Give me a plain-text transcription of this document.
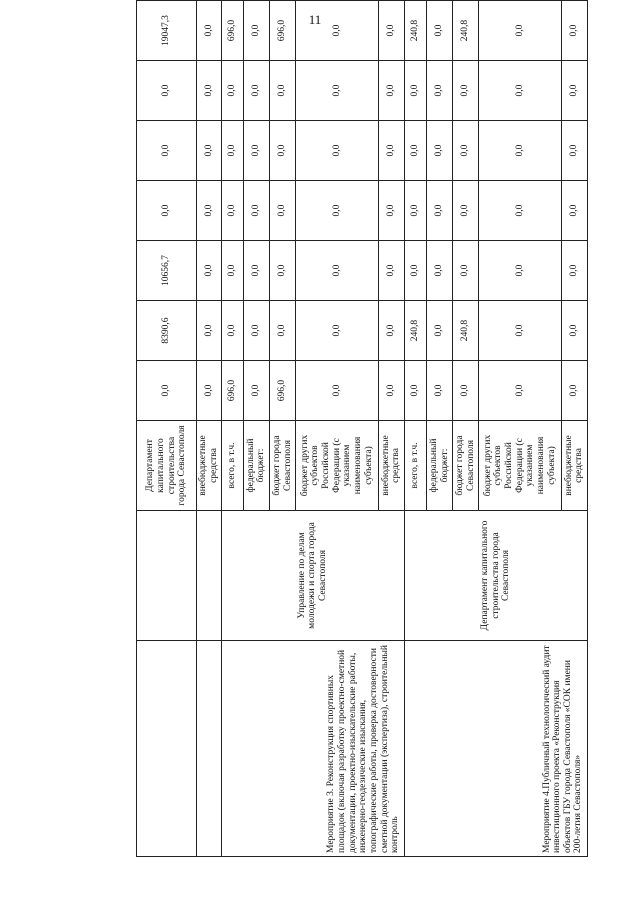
11
		Департамент капитального строительства города Севастополя	0,0	8390,6	10656,7	0,0	0,0	0,0	19047,3
		внебюджетные средства	0,0	0,0	0,0	0,0	0,0	0,0	0,0
Мероприятие 3. Реконструкция спортивных площадок (включая разработку проектно-сметной документации, проектно-изыскательские работы, инженерно-геодезические изыскания, топографические работы, проверка достоверности сметной документации (экспертиза), строительный контроль	Управление по делам молодежи и спорта города Севастополя	всего, в т.ч.	696,0	0,0	0,0	0,0	0,0	0,0	696,0
		федеральный бюджет:	0,0	0,0	0,0	0,0	0,0	0,0	0,0
		бюджет города Севастополя	696,0	0,0	0,0	0,0	0,0	0,0	696,0
		бюджет других субъектов Российской Федерации (с указанием наименования субъекта)	0,0	0,0	0,0	0,0	0,0	0,0	0,0
		внебюджетные средства	0,0	0,0	0,0	0,0	0,0	0,0	0,0
Мероприятие 4.Публичный технологический аудит инвестиционного проекта «Реконструкция объектов ГБУ города Севастополя «СОК имени 200-летия Севастополя»	Департамент капитального строительства города Севастополя	всего, в т.ч.	0,0	240,8	0,0	0,0	0,0	0,0	240,8
		федеральный бюджет:	0,0	0,0	0,0	0,0	0,0	0,0	0,0
		бюджет города Севастополя	0,0	240,8	0,0	0,0	0,0	0,0	240,8
		бюджет других субъектов Российской Федерации (с указанием наименования субъекта)	0,0	0,0	0,0	0,0	0,0	0,0	0,0
		внебюджетные средства	0,0	0,0	0,0	0,0	0,0	0,0	0,0
